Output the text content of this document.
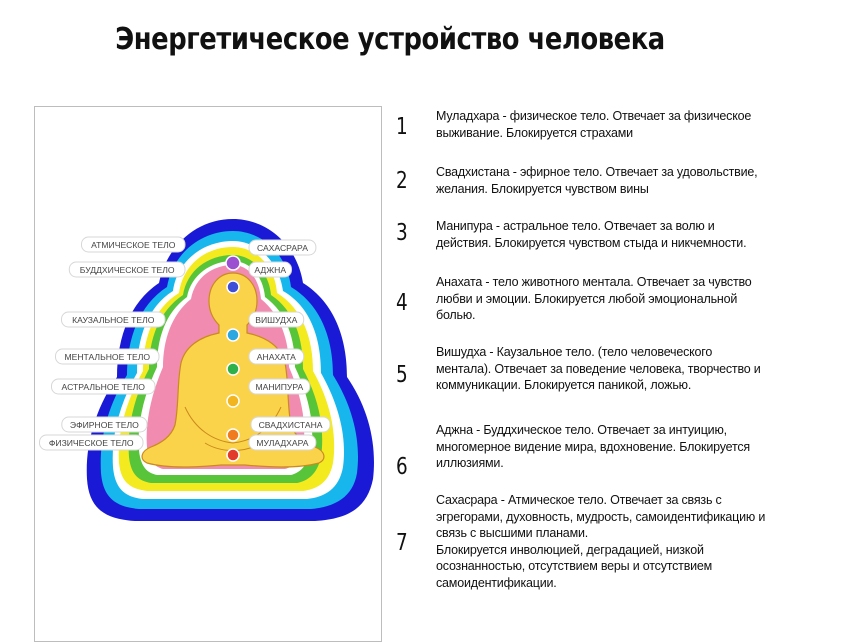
Энергетическое устройство человека
АТМИЧЕСКОЕ ТЕЛО
БУДДХИЧЕСКОЕ ТЕЛО
КАУЗАЛЬНОЕ ТЕЛО
МЕНТАЛЬНОЕ ТЕЛО
АСТРАЛЬНОЕ ТЕЛО
ЭФИРНОЕ ТЕЛО
ФИЗИЧЕСКОЕ ТЕЛО
САХАСРАРА
АДЖНА
ВИШУДХА
АНАХАТА
МАНИПУРА
СВАДХИСТАНА
МУЛАДХАРА
1 Муладхара - физическое тело. Отвечает за физическое
выживание. Блокируется страхами
2 Свадхистана - эфирное тело. Отвечает за удовольствие,
желания. Блокируется чувством вины
3 Манипура - астральное тело. Отвечает за волю и
действия. Блокируется чувством стыда и никчемности.
4
Анахата - тело животного ментала. Отвечает за чувство
любви и эмоции. Блокируется любой эмоциональной
болью.
5
Вишудха - Каузальное тело. (тело человеческого
ментала). Отвечает за поведение человека, творчество и
коммуникации. Блокируется паникой, ложью.
6
Аджна - Буддхическое тело. Отвечает за интуицию,
многомерное видение мира, вдохновение. Блокируется
иллюзиями.
7
Сахасрара - Атмическое тело. Отвечает за связь с
эгрегорами, духовность, мудрость, самоидентификацию и
связь с высшими планами.
Блокируется инволюцией, деградацией, низкой
осознанностью, отсутствием веры и отсутствием
самоидентификации.
